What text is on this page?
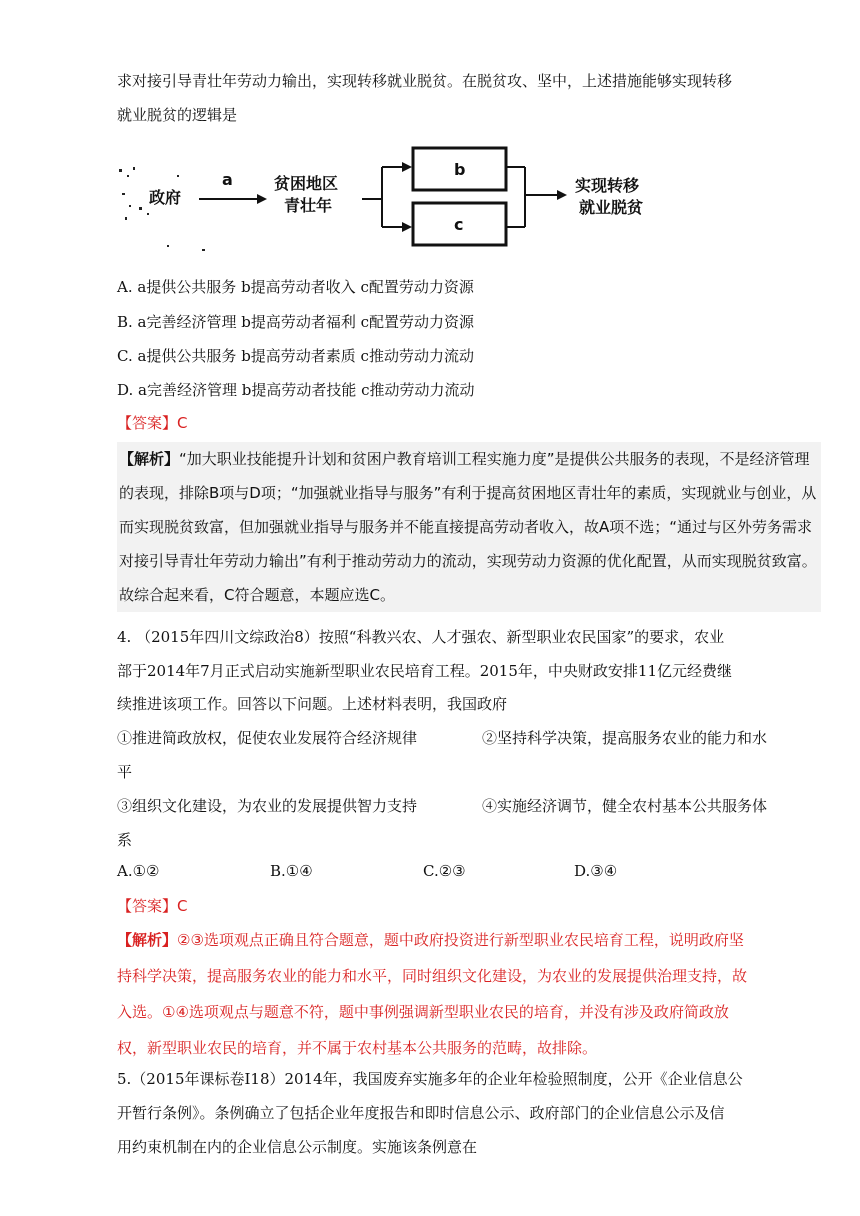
求对接引导青壮年劳动力输出，实现转移就业脱贫。在脱贫攻、坚中，上述措施能够实现转移
就业脱贫的逻辑是
政府
a	贫困地区
青壮年
b
c
实现转移
就业脱贫
A. a提供公共服务 b提高劳动者收入 c配置劳动力资源
B. a完善经济管理 b提高劳动者福利 c配置劳动力资源
C. a提供公共服务 b提高劳动者素质 c推动劳动力流动
D. a完善经济管理 b提高劳动者技能 c推动劳动力流动
【答案】C
【解析】“加大职业技能提升计划和贫困户教育培训工程实施力度”是提供公共服务的表现，不是经济管理的表现，排除B项与D项；“加强就业指导与服务”有利于提高贫困地区青壮年的素质，实现就业与创业，从而实现脱贫致富，但加强就业指导与服务并不能直接提高劳动者收入，故A项不选；“通过与区外劳务需求对接引导青壮年劳动力输出”有利于推动劳动力的流动，实现劳动力资源的优化配置，从而实现脱贫致富。故综合起来看，C符合题意，本题应选C。
4. （2015年四川文综政治8）按照“科教兴农、人才强农、新型职业农民国家”的要求，农业
部于2014年7月正式启动实施新型职业农民培育工程。2015年，中央财政安排11亿元经费继
续推进该项工作。回答以下问题。上述材料表明，我国政府
①推进简政放权，促使农业发展符合经济规律	②坚持科学决策，提高服务农业的能力和水
平
③组织文化建设，为农业的发展提供智力支持	④实施经济调节，健全农村基本公共服务体
系
A.①②	B.①④	C.②③	D.③④
【答案】C
【解析】②③选项观点正确且符合题意，题中政府投资进行新型职业农民培育工程，说明政府坚持科学决策，提高服务农业的能力和水平，同时组织文化建设，为农业的发展提供治理支持，故入选。①④选项观点与题意不符，题中事例强调新型职业农民的培育，并没有涉及政府简政放权，新型职业农民的培育，并不属于农村基本公共服务的范畴，故排除。
5.（2015年课标卷Ⅰ18）2014年，我国废弃实施多年的企业年检验照制度，公开《企业信息公
开暂行条例》。条例确立了包括企业年度报告和即时信息公示、政府部门的企业信息公示及信
用约束机制在内的企业信息公示制度。实施该条例意在
